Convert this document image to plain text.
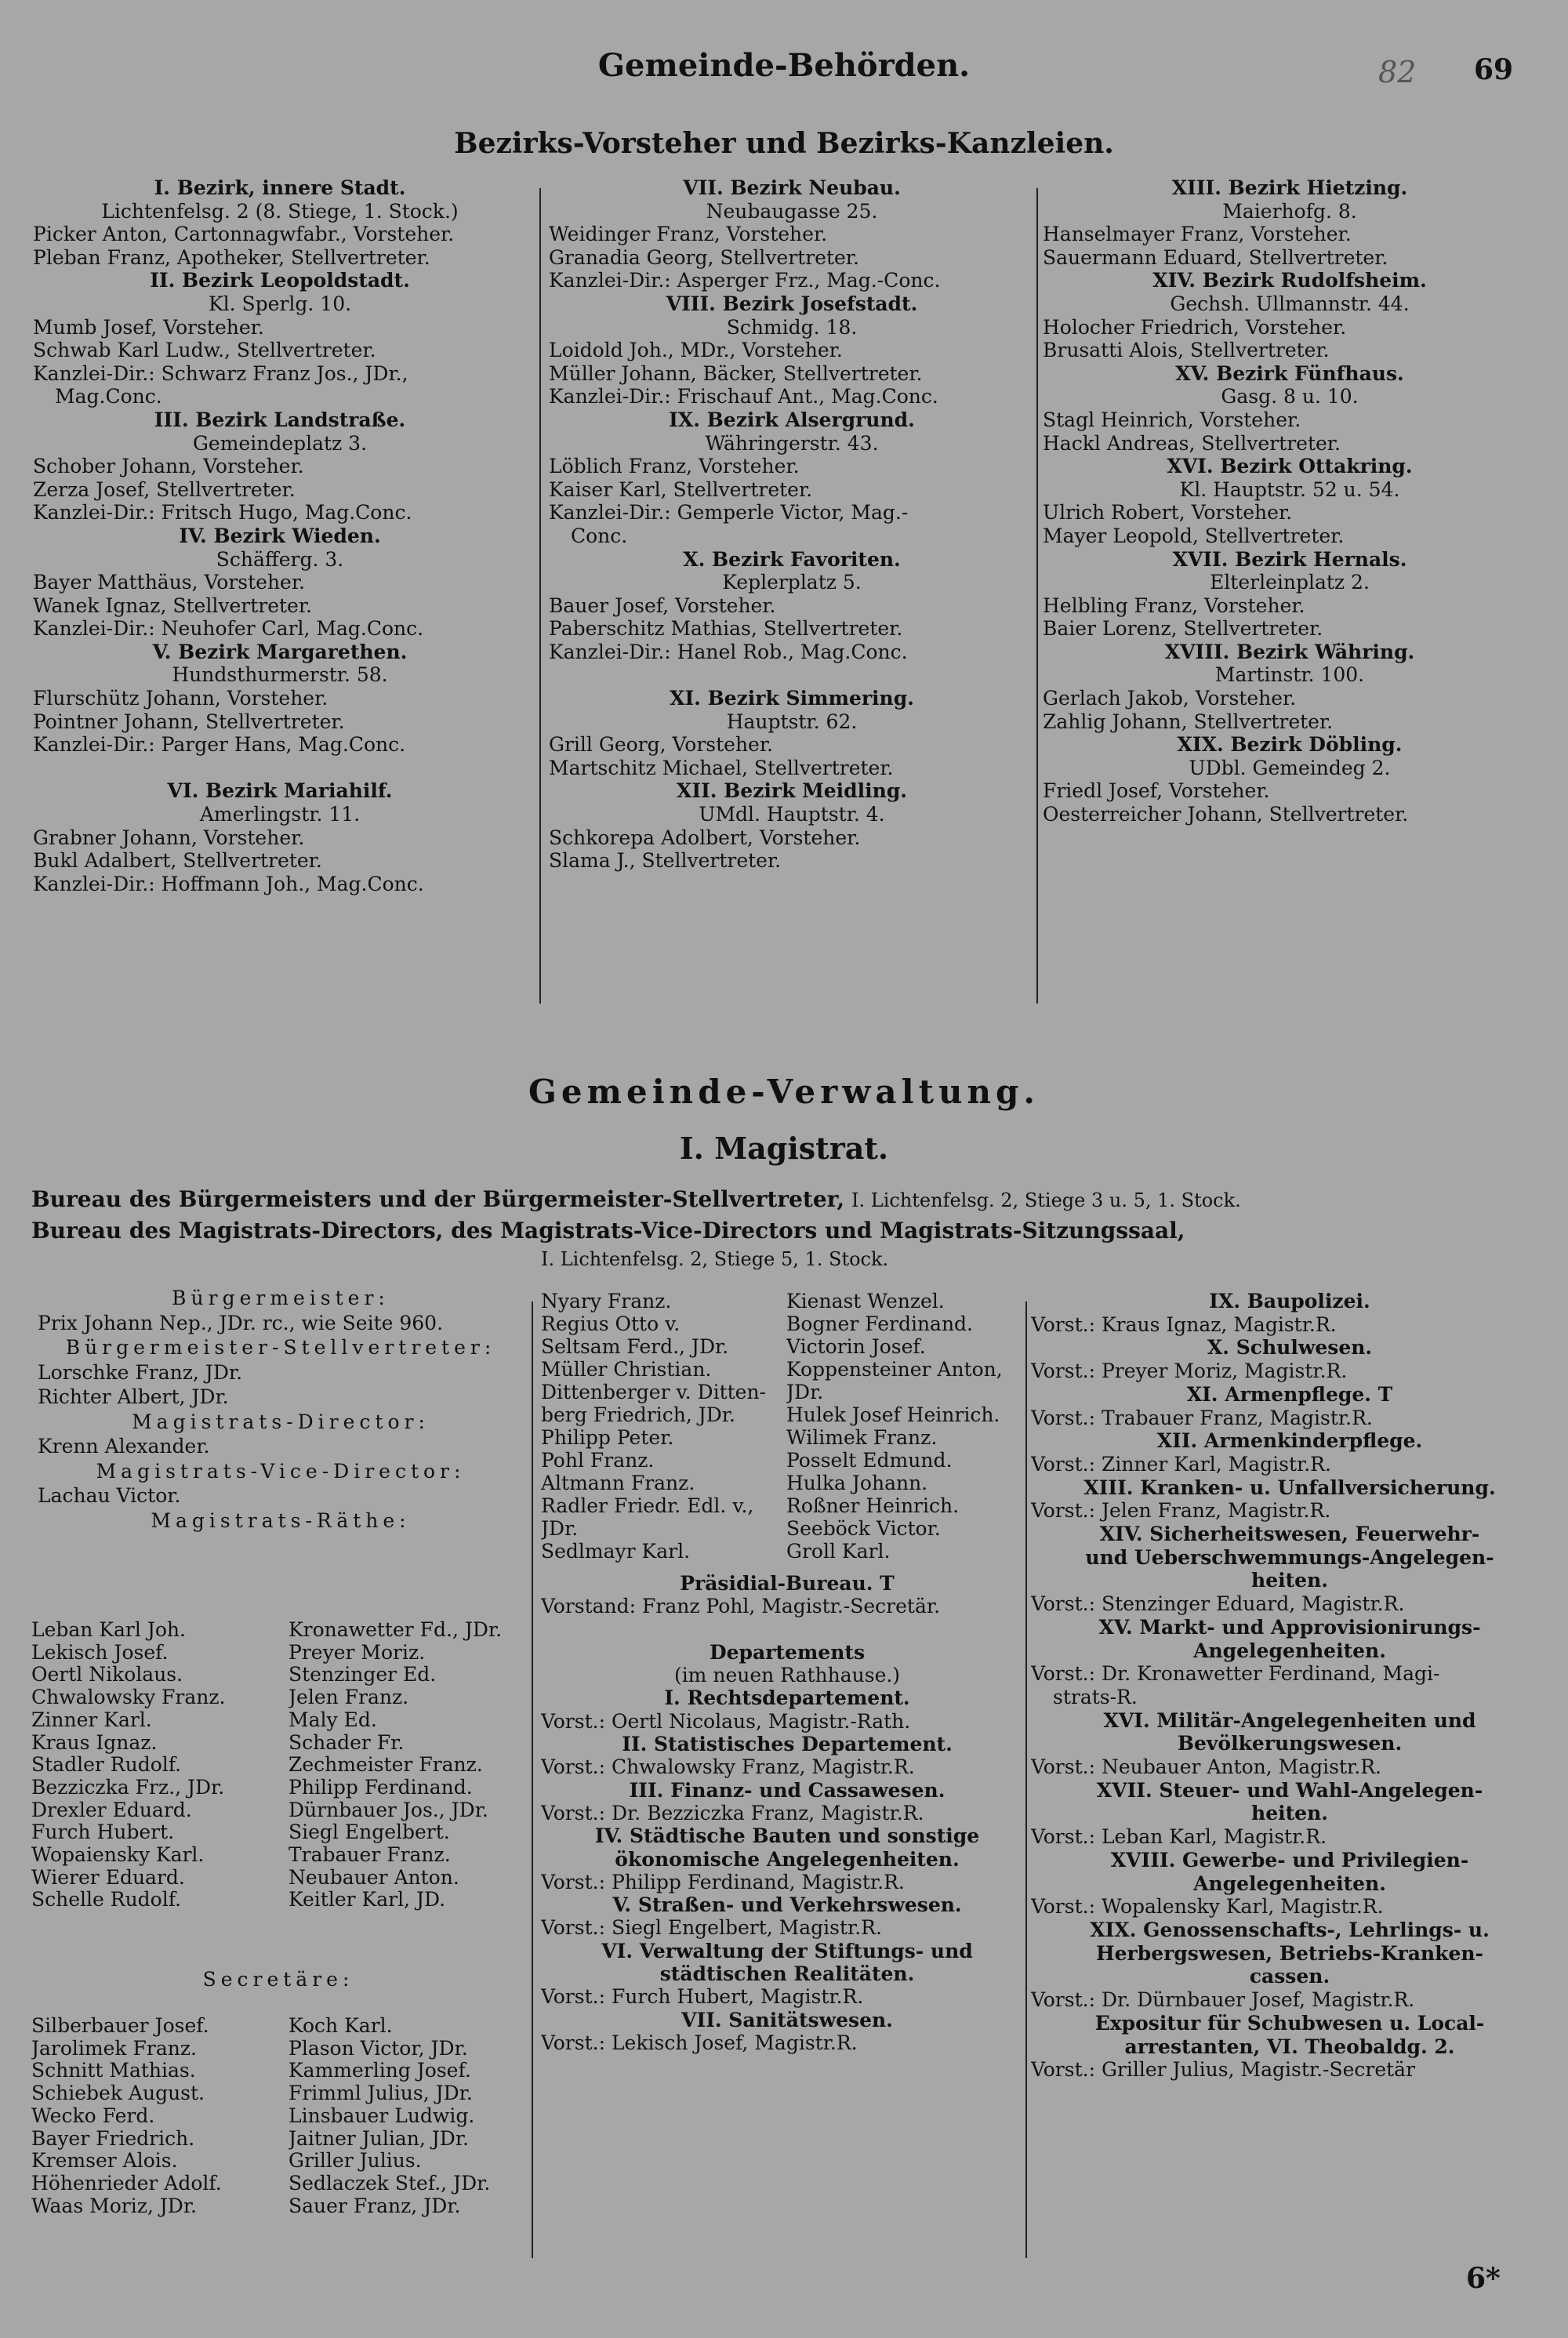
Gemeinde-Behörden.	82 69
Bezirks-Vorsteher und Bezirks-Kanzleien.
I. Bezirk, innere Stadt.
Lichtenfelsg. 2 (8. Stiege, 1. Stock.)
Picker Anton, Cartonnagwfabr., Vorsteher.
Pleban Franz, Apotheker, Stellvertreter.
II. Bezirk Leopoldstadt.
Kl. Sperlg. 10.
Mumb Josef, Vorsteher.
Schwab Karl Ludw., Stellvertreter.
Kanzlei-Dir.: Schwarz Franz Jos., JDr.,
Mag.Conc.
III. Bezirk Landstraße.
Gemeindeplatz 3.
Schober Johann, Vorsteher.
Zerza Josef, Stellvertreter.
Kanzlei-Dir.: Fritsch Hugo, Mag.Conc.
IV. Bezirk Wieden.
Schäfferg. 3.
Bayer Matthäus, Vorsteher.
Wanek Ignaz, Stellvertreter.
Kanzlei-Dir.: Neuhofer Carl, Mag.Conc.
V. Bezirk Margarethen.
Hundsthurmerstr. 58.
Flurschütz Johann, Vorsteher.
Pointner Johann, Stellvertreter.
Kanzlei-Dir.: Parger Hans, Mag.Conc.

VI. Bezirk Mariahilf.
Amerlingstr. 11.
Grabner Johann, Vorsteher.
Bukl Adalbert, Stellvertreter.
Kanzlei-Dir.: Hoffmann Joh., Mag.Conc.
VII. Bezirk Neubau.
Neubaugasse 25.
Weidinger Franz, Vorsteher.
Granadia Georg, Stellvertreter.
Kanzlei-Dir.: Asperger Frz., Mag.-Conc.
VIII. Bezirk Josefstadt.
Schmidg. 18.
Loidold Joh., MDr., Vorsteher.
Müller Johann, Bäcker, Stellvertreter.
Kanzlei-Dir.: Frischauf Ant., Mag.Conc.
IX. Bezirk Alsergrund.
Währingerstr. 43.
Löblich Franz, Vorsteher.
Kaiser Karl, Stellvertreter.
Kanzlei-Dir.: Gemperle Victor, Mag.-
Conc.
X. Bezirk Favoriten.
Keplerplatz 5.
Bauer Josef, Vorsteher.
Paberschitz Mathias, Stellvertreter.
Kanzlei-Dir.: Hanel Rob., Mag.Conc.

XI. Bezirk Simmering.
Hauptstr. 62.
Grill Georg, Vorsteher.
Martschitz Michael, Stellvertreter.
XII. Bezirk Meidling.
UMdl. Hauptstr. 4.
Schkorepa Adolbert, Vorsteher.
Slama J., Stellvertreter.
XIII. Bezirk Hietzing.
Maierhofg. 8.
Hanselmayer Franz, Vorsteher.
Sauermann Eduard, Stellvertreter.
XIV. Bezirk Rudolfsheim.
Gechsh. Ullmannstr. 44.
Holocher Friedrich, Vorsteher.
Brusatti Alois, Stellvertreter.
XV. Bezirk Fünfhaus.
Gasg. 8 u. 10.
Stagl Heinrich, Vorsteher.
Hackl Andreas, Stellvertreter.
XVI. Bezirk Ottakring.
Kl. Hauptstr. 52 u. 54.
Ulrich Robert, Vorsteher.
Mayer Leopold, Stellvertreter.
XVII. Bezirk Hernals.
Elterleinplatz 2.
Helbling Franz, Vorsteher.
Baier Lorenz, Stellvertreter.
XVIII. Bezirk Währing.
Martinstr. 100.
Gerlach Jakob, Vorsteher.
Zahlig Johann, Stellvertreter.
XIX. Bezirk Döbling.
UDbl. Gemeindeg 2.
Friedl Josef, Vorsteher.
Oesterreicher Johann, Stellvertreter.
Gemeinde-Verwaltung.
I. Magistrat.
Bureau des Bürgermeisters und der Bürgermeister-Stellvertreter, I. Lichtenfelsg. 2, Stiege 3 u. 5, 1. Stock.
Bureau des Magistrats-Directors, des Magistrats-Vice-Directors und Magistrats-Sitzungssaal,
I. Lichtenfelsg. 2, Stiege 5, 1. Stock.
Bürgermeister:
Prix Johann Nep., JDr. rc., wie Seite 960.
Bürgermeister-Stellvertreter:
Lorschke Franz, JDr.
Richter Albert, JDr.
Magistrats-Director:
Krenn Alexander.
Magistrats-Vice-Director:
Lachau Victor.
Magistrats-Räthe:
Leban Karl Joh.
Lekisch Josef.
Oertl Nikolaus.
Chwalowsky Franz.
Zinner Karl.
Kraus Ignaz.
Stadler Rudolf.
Bezziczka Frz., JDr.
Drexler Eduard.
Furch Hubert.
Wopaiensky Karl.
Wierer Eduard.
Schelle Rudolf.
Kronawetter Fd., JDr.
Preyer Moriz.
Stenzinger Ed.
Jelen Franz.
Maly Ed.
Schader Fr.
Zechmeister Franz.
Philipp Ferdinand.
Dürnbauer Jos., JDr.
Siegl Engelbert.
Trabauer Franz.
Neubauer Anton.
Keitler Karl, JD.
Secretäre:
Silberbauer Josef.
Jarolimek Franz.
Schnitt Mathias.
Schiebek August.
Wecko Ferd.
Bayer Friedrich.
Kremser Alois.
Höhenrieder Adolf.
Waas Moriz, JDr.
Koch Karl.
Plason Victor, JDr.
Kammerling Josef.
Frimml Julius, JDr.
Linsbauer Ludwig.
Jaitner Julian, JDr.
Griller Julius.
Sedlaczek Stef., JDr.
Sauer Franz, JDr.
Nyary Franz.
Regius Otto v.
Seltsam Ferd., JDr.
Müller Christian.
Dittenberger v. Ditten-
berg Friedrich, JDr.
Philipp Peter.
Pohl Franz.
Altmann Franz.
Radler Friedr. Edl. v.,
JDr.
Sedlmayr Karl.
Kienast Wenzel.
Bogner Ferdinand.
Victorin Josef.
Koppensteiner Anton,
JDr.
Hulek Josef Heinrich.
Wilimek Franz.
Posselt Edmund.
Hulka Johann.
Roßner Heinrich.
Seeböck Victor.
Groll Karl.
Präsidial-Bureau. T
Vorstand: Franz Pohl, Magistr.-Secretär.

Departements
(im neuen Rathhause.)
I. Rechtsdepartement.
Vorst.: Oertl Nicolaus, Magistr.-Rath.
II. Statistisches Departement.
Vorst.: Chwalowsky Franz, Magistr.R.
III. Finanz- und Cassawesen.
Vorst.: Dr. Bezziczka Franz, Magistr.R.
IV. Städtische Bauten und sonstige
ökonomische Angelegenheiten.
Vorst.: Philipp Ferdinand, Magistr.R.
V. Straßen- und Verkehrswesen.
Vorst.: Siegl Engelbert, Magistr.R.
VI. Verwaltung der Stiftungs- und
städtischen Realitäten.
Vorst.: Furch Hubert, Magistr.R.
VII. Sanitätswesen.
Vorst.: Lekisch Josef, Magistr.R.
IX. Baupolizei.
Vorst.: Kraus Ignaz, Magistr.R.
X. Schulwesen.
Vorst.: Preyer Moriz, Magistr.R.
XI. Armenpflege. T
Vorst.: Trabauer Franz, Magistr.R.
XII. Armenkinderpflege.
Vorst.: Zinner Karl, Magistr.R.
XIII. Kranken- u. Unfallversicherung.
Vorst.: Jelen Franz, Magistr.R.
XIV. Sicherheitswesen, Feuerwehr-
und Ueberschwemmungs-Angelegen-
heiten.
Vorst.: Stenzinger Eduard, Magistr.R.
XV. Markt- und Approvisionirungs-
Angelegenheiten.
Vorst.: Dr. Kronawetter Ferdinand, Magi-
strats-R.
XVI. Militär-Angelegenheiten und
Bevölkerungswesen.
Vorst.: Neubauer Anton, Magistr.R.
XVII. Steuer- und Wahl-Angelegen-
heiten.
Vorst.: Leban Karl, Magistr.R.
XVIII. Gewerbe- und Privilegien-
Angelegenheiten.
Vorst.: Wopalensky Karl, Magistr.R.
XIX. Genossenschafts-, Lehrlings- u.
Herbergswesen, Betriebs-Kranken-
cassen.
Vorst.: Dr. Dürnbauer Josef, Magistr.R.
Expositur für Schubwesen u. Local-
arrestanten, VI. Theobaldg. 2.
Vorst.: Griller Julius, Magistr.-Secretär
6*
